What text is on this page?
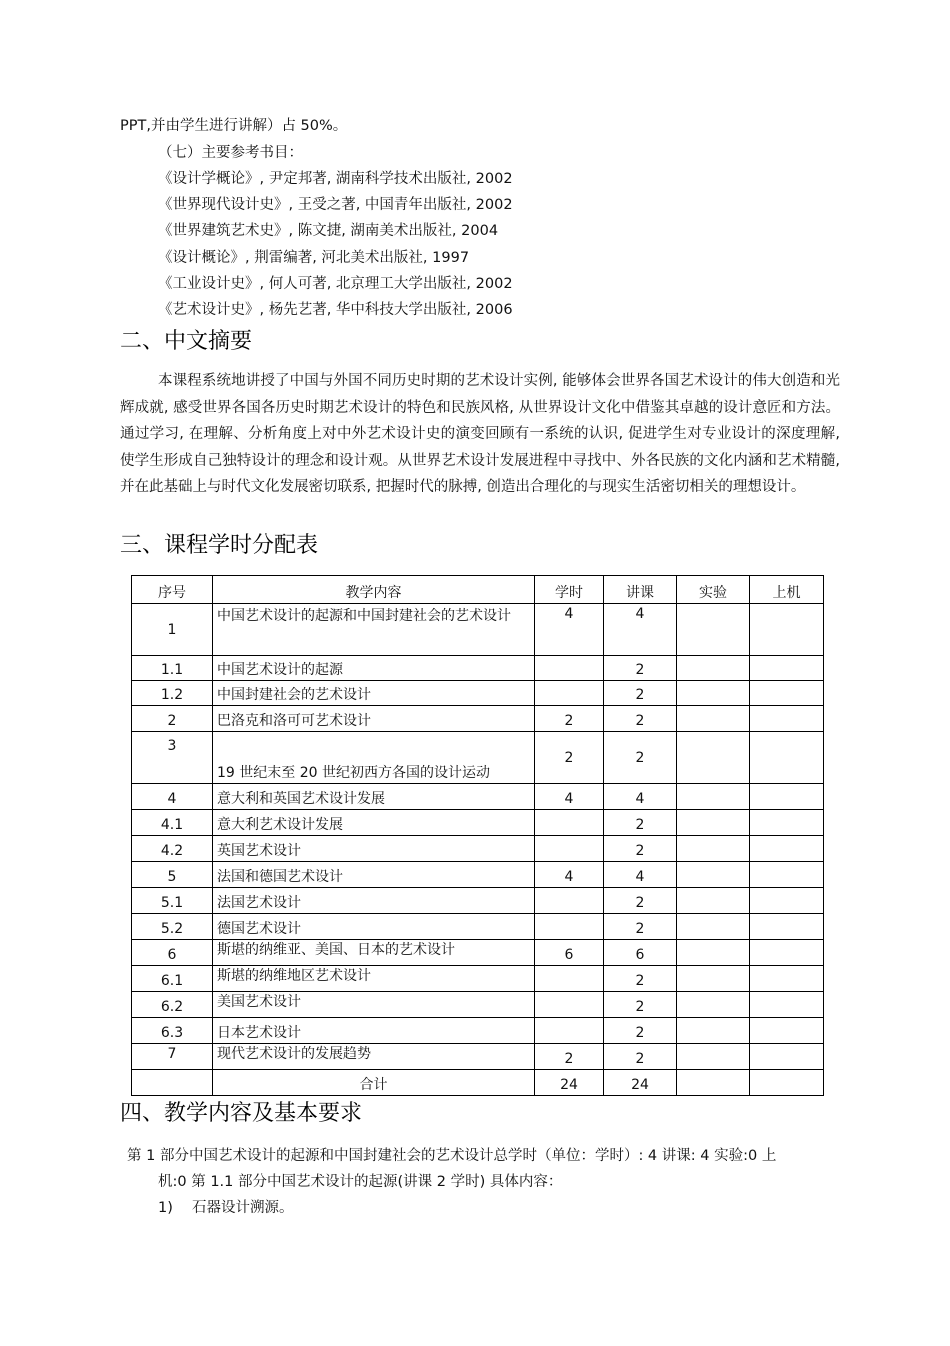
PPT,并由学生进行讲解）占 50%。
（七）主要参考书目：
《设计学概论》, 尹定邦著, 湖南科学技术出版社, 2002
《世界现代设计史》, 王受之著, 中国青年出版社, 2002
《世界建筑艺术史》, 陈文捷, 湖南美术出版社, 2004
《设计概论》, 荆雷编著, 河北美术出版社, 1997
《工业设计史》, 何人可著, 北京理工大学出版社, 2002
《艺术设计史》, 杨先艺著, 华中科技大学出版社, 2006
二、中文摘要
本课程系统地讲授了中国与外国不同历史时期的艺术设计实例, 能够体会世界各国艺术设计的伟大创造和光辉成就, 感受世界各国各历史时期艺术设计的特色和民族风格, 从世界设计文化中借鉴其卓越的设计意匠和方法。通过学习, 在理解、分析角度上对中外艺术设计史的演变回顾有一系统的认识, 促进学生对专业设计的深度理解, 使学生形成自己独特设计的理念和设计观。从世界艺术设计发展进程中寻找中、外各民族的文化内涵和艺术精髓, 并在此基础上与时代文化发展密切联系, 把握时代的脉搏, 创造出合理化的与现实生活密切相关的理想设计。
三、课程学时分配表
序号	教学内容	学时	讲课	实验	上机
1	中国艺术设计的起源和中国封建社会的艺术设计	4	4		
1.1	中国艺术设计的起源		2		
1.2	中国封建社会的艺术设计		2		
2	巴洛克和洛可可艺术设计	2	2		
3	19 世纪末至 20 世纪初西方各国的设计运动	2	2		
4	意大利和英国艺术设计发展	4	4		
4.1	意大利艺术设计发展		2		
4.2	英国艺术设计		2		
5	法国和德国艺术设计	4	4		
5.1	法国艺术设计		2		
5.2	德国艺术设计		2		
6	斯堪的纳维亚、美国、日本的艺术设计	6	6		
6.1	斯堪的纳维地区艺术设计		2		
6.2	美国艺术设计		2		
6.3	日本艺术设计		2		
7	现代艺术设计的发展趋势	2	2		
	合计	24	24		
四、教学内容及基本要求
第 1 部分中国艺术设计的起源和中国封建社会的艺术设计总学时（单位：学时）: 4 讲课: 4 实验:0 上
机:0 第 1.1 部分中国艺术设计的起源(讲课 2 学时) 具体内容：
1) 石器设计溯源。
